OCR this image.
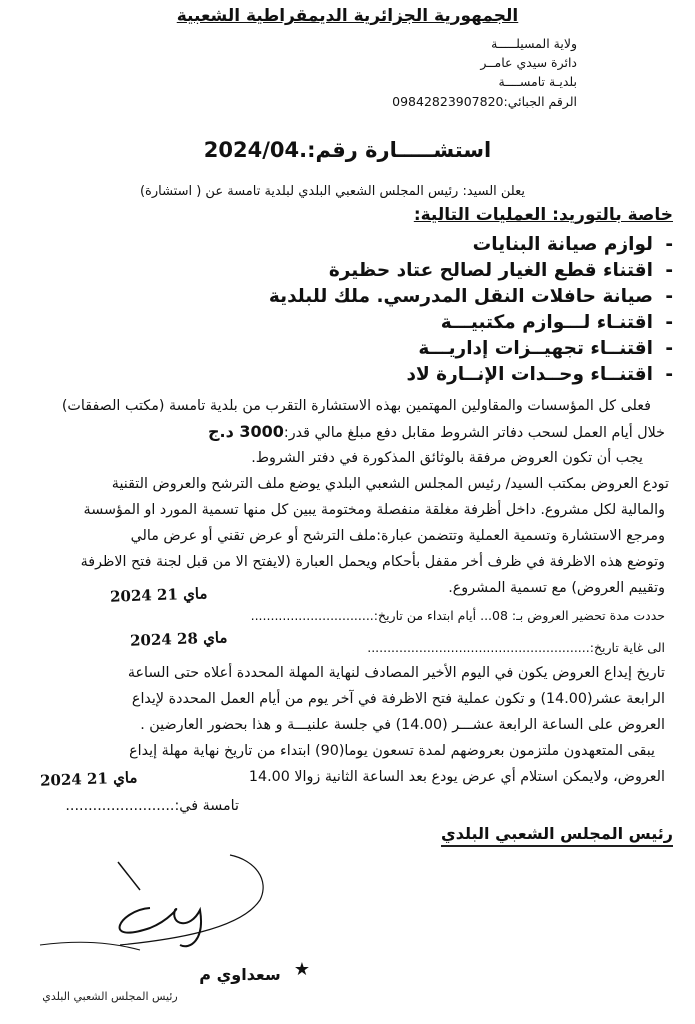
الجمهورية الجزائرية الديمقراطية الشعبية
ولاية المسيلـــــة
دائرة سيدي عامــر
بلديـة تامســــة
الرقم الجبائي:09842823907820
استشـــــارة رقم:.2024/04
يعلن السيد: رئيس المجلس الشعبي البلدي لبلدية تامسة عن ( استشارة)
خاصة بالتوريد: العمليات التالية:
-لوازم صيانة البنايات
-اقتناء قطع الغيار لصالح عتاد حظيرة
-صيانة حافلات النقل المدرسي. ملك للبلدية
-اقتنـاء لـــوازم مكتبيـــة
-اقتنــاء تجهيــزات إداريـــة
-اقتنــاء وحــدات الإنــارة لاد
فعلى كل المؤسسات والمقاولين المهتمين بهذه الاستشارة التقرب من بلدية تامسة (مكتب الصفقات)
خلال أيام العمل لسحب دفاتر الشروط مقابل دفع مبلغ مالي قدر:3000 د.ج
يجب أن تكون العروض مرفقة بالوثائق المذكورة في دفتر الشروط.
تودع العروض بمكتب السيد/ رئيس المجلس الشعبي البلدي يوضع ملف الترشح والعروض التقنية
والمالية لكل مشروع. داخل أظرفة مغلقة منفصلة ومختومة يبين كل منها تسمية المورد او المؤسسة
ومرجع الاستشارة وتسمية العملية وتتضمن عبارة:ملف الترشح أو عرض تقني أو عرض مالي
وتوضع هذه الاظرفة في ظرف أخر مقفل بأحكام ويحمل العبارة (لايفتح الا من قبل لجنة فتح الاظرفة
وتقييم العروض) مع تسمية المشروع.
2024 ماي 21
حددت مدة تحضير العروض بـ: 08... أيام ابتداء من تاريخ:...............................
2024 ماي 28
الى غاية تاريخ:........................................................
تاريخ إيداع العروض يكون في اليوم الأخير المصادف لنهاية المهلة المحددة أعلاه حتى الساعة
الرابعة عشر(14.00) و تكون عملية فتح الاظرفة في آخر يوم من أيام العمل المحددة لإيداع
العروض على الساعة الرابعة عشـــر (14.00) في جلسة علنيـــة و هذا بحضور العارضين .
يبقى المتعهدون ملتزمون بعروضهم لمدة تسعون يوما(90) ابتداء من تاريخ نهاية مهلة إيداع
العروض، ولايمكن استلام أي عرض يودع بعد الساعة الثانية زوالا 14.00
2024 ماي 21
تامسة في:........................
رئيس المجلس الشعبي البلدي
رئيس المجلس الشعبي البلدي
سعداوي م ★
